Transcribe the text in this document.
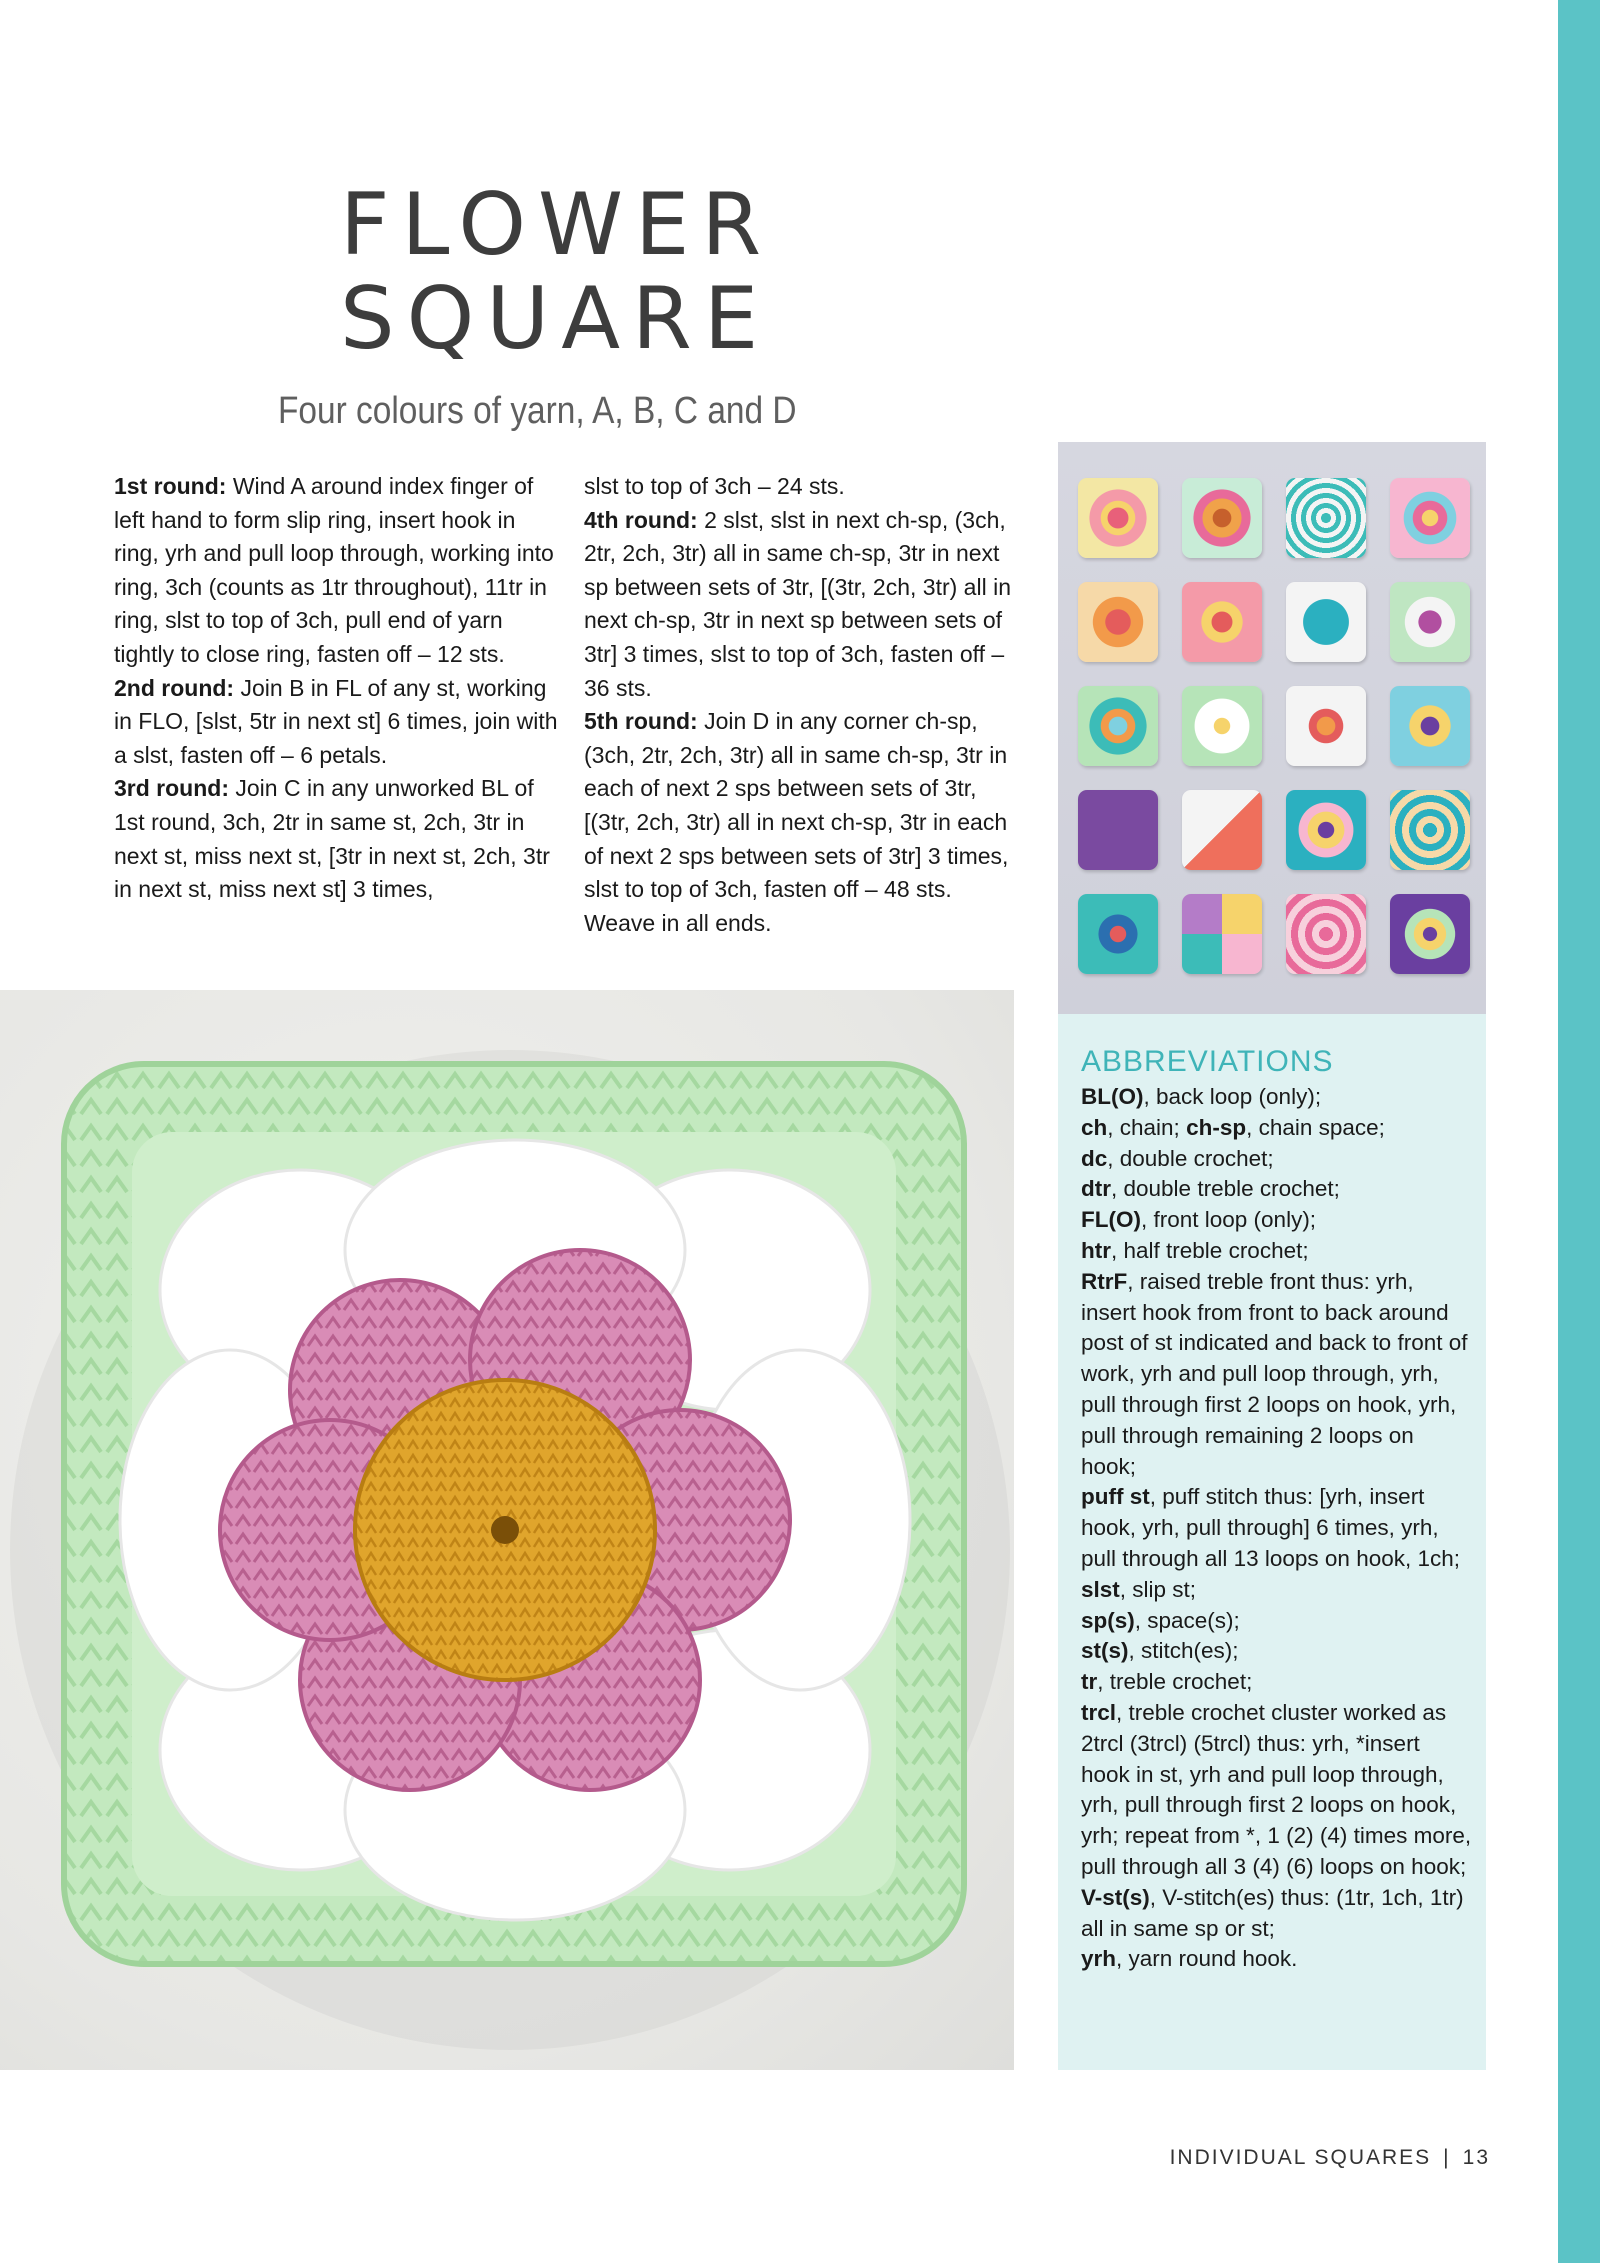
FLOWER
SQUARE
Four colours of yarn, A, B, C and D

1st round: Wind A around index finger of left hand to form slip ring, insert hook in ring, yrh and pull loop through, working into ring, 3ch (counts as 1tr throughout), 11tr in ring, slst to top of 3ch, pull end of yarn tightly to close ring, fasten off – 12 sts.

2nd round: Join B in FL of any st, working in FLO, [slst, 5tr in next st] 6 times, join with a slst, fasten off – 6 petals.

3rd round: Join C in any unworked BL of 1st round, 3ch, 2tr in same st, 2ch, 3tr in next st, miss next st, [3tr in next st, 2ch, 3tr in next st, miss next st] 3 times,

slst to top of 3ch – 24 sts.

4th round: 2 slst, slst in next ch-sp, (3ch, 2tr, 2ch, 3tr) all in same ch-sp, 3tr in next sp between sets of 3tr, [(3tr, 2ch, 3tr) all in next ch-sp, 3tr in next sp between sets of 3tr] 3 times, slst to top of 3ch, fasten off – 36 sts.

5th round: Join D in any corner ch-sp, (3ch, 2tr, 2ch, 3tr) all in same ch-sp, 3tr in each of next 2 sps between sets of 3tr, [(3tr, 2ch, 3tr) all in next ch-sp, 3tr in each of next 2 sps between sets of 3tr] 3 times, slst to top of 3ch, fasten off – 48 sts.

Weave in all ends.

ABBREVIATIONS
BL(O), back loop (only);
ch, chain; ch-sp, chain space;
dc, double crochet;
dtr, double treble crochet;
FL(O), front loop (only);
htr, half treble crochet;
RtrF, raised treble front thus: yrh, insert hook from front to back around post of st indicated and back to front of work, yrh and pull loop through, yrh, pull through first 2 loops on hook, yrh, pull through remaining 2 loops on hook;
puff st, puff stitch thus: [yrh, insert hook, yrh, pull through] 6 times, yrh, pull through all 13 loops on hook, 1ch;
slst, slip st;
sp(s), space(s);
st(s), stitch(es);
tr, treble crochet;
trcl, treble crochet cluster worked as 2trcl (3trcl) (5trcl) thus: yrh, *insert hook in st, yrh and pull loop through, yrh, pull through first 2 loops on hook, yrh; repeat from *, 1 (2) (4) times more, pull through all 3 (4) (6) loops on hook;
V-st(s), V-stitch(es) thus: (1tr, 1ch, 1tr) all in same sp or st;
yrh, yarn round hook.
INDIVIDUAL SQUARES | 13
